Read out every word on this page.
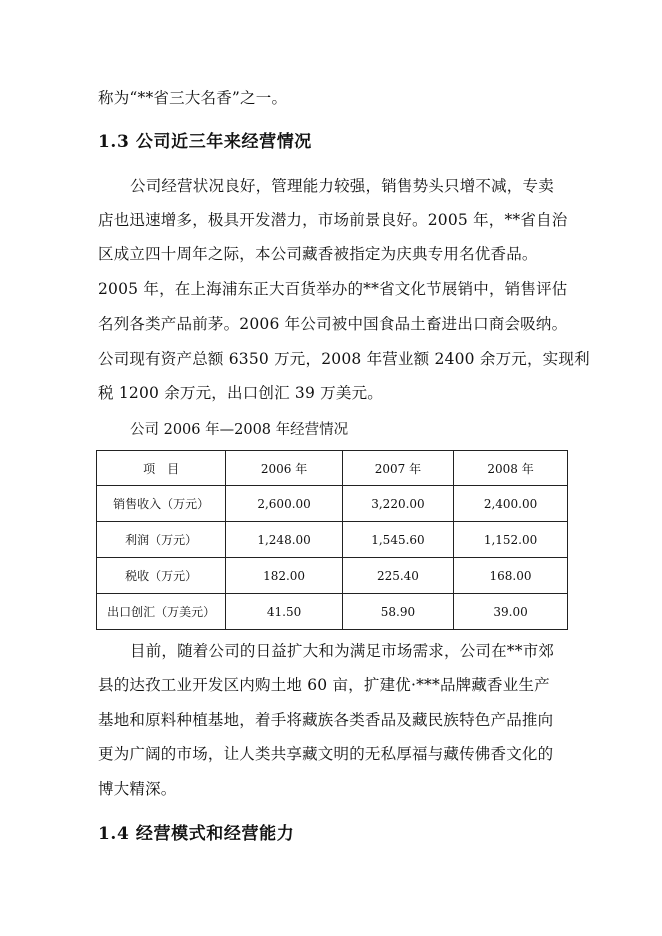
称为“**省三大名香”之一。
1.3 公司近三年来经营情况
公司经营状况良好，管理能力较强，销售势头只增不减，专卖
店也迅速增多，极具开发潜力，市场前景良好。2005 年，**省自治
区成立四十周年之际，本公司藏香被指定为庆典专用名优香品。
2005 年，在上海浦东正大百货举办的**省文化节展销中，销售评估
名列各类产品前茅。2006 年公司被中国食品土畜进出口商会吸纳。
公司现有资产总额 6350 万元，2008 年营业额 2400 余万元，实现利
税 1200 余万元，出口创汇 39 万美元。
公司 2006 年—2008 年经营情况
项　目	2006 年	2007 年	2008 年
销售收入（万元）	2,600.00	3,220.00	2,400.00
利润（万元）	1,248.00	1,545.60	1,152.00
税收（万元）	182.00	225.40	168.00
出口创汇（万美元）	41.50	58.90	39.00
目前，随着公司的日益扩大和为满足市场需求，公司在**市郊
县的达孜工业开发区内购土地 60 亩，扩建优·***品牌藏香业生产
基地和原料种植基地，着手将藏族各类香品及藏民族特色产品推向
更为广阔的市场，让人类共享藏文明的无私厚福与藏传佛香文化的
博大精深。
1.4 经营模式和经营能力
